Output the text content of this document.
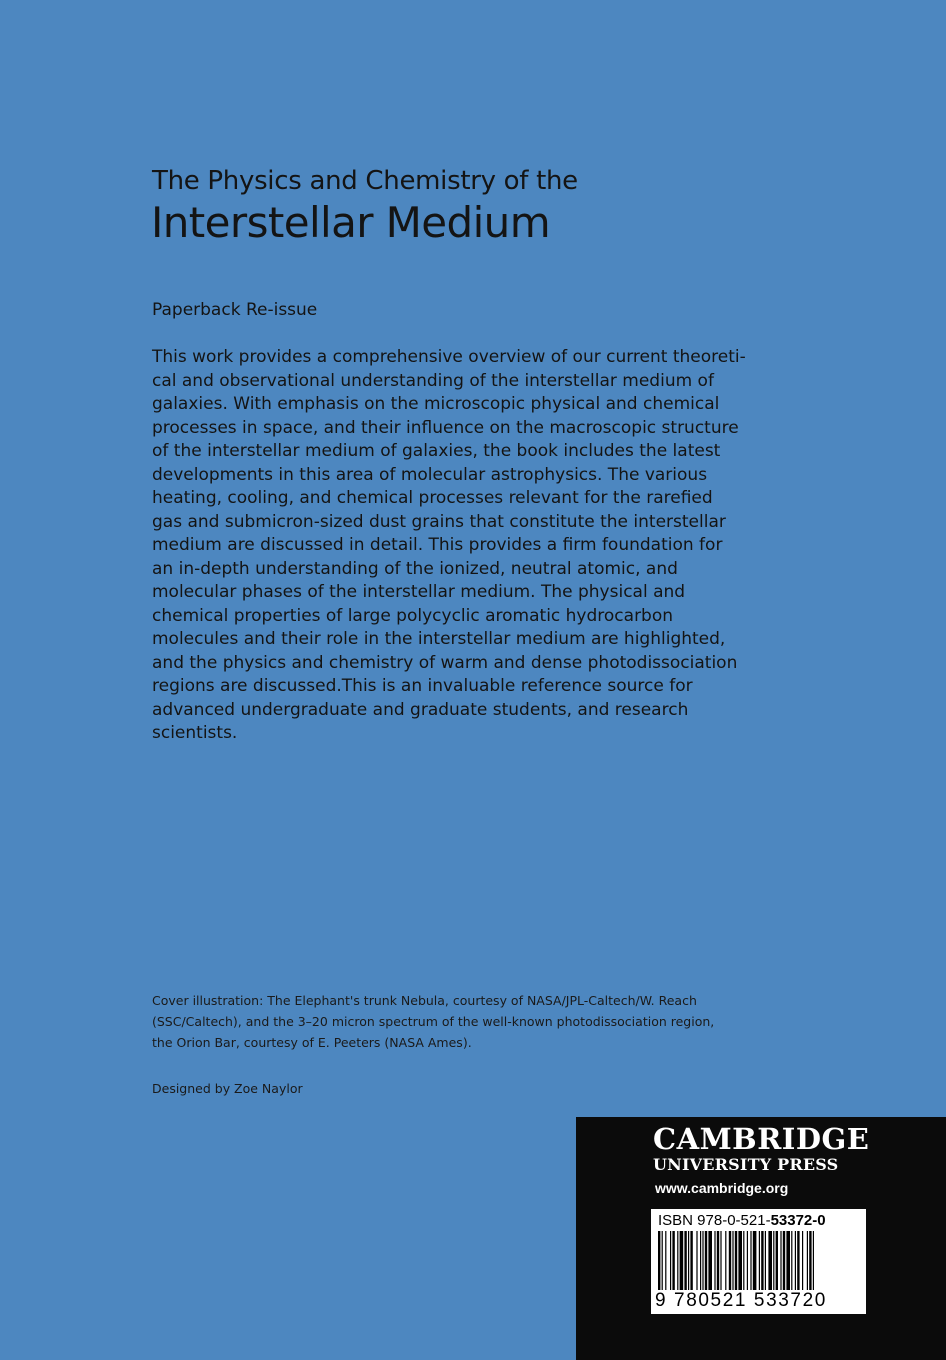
The Physics and Chemistry of the
Interstellar Medium
Paperback Re-issue
This work provides a comprehensive overview of our current theoreti-
cal and observational understanding of the interstellar medium of
galaxies. With emphasis on the microscopic physical and chemical
processes in space, and their influence on the macroscopic structure
of the interstellar medium of galaxies, the book includes the latest
developments in this area of molecular astrophysics. The various
heating, cooling, and chemical processes relevant for the rarefied
gas and submicron-sized dust grains that constitute the interstellar
medium are discussed in detail. This provides a firm foundation for
an in-depth understanding of the ionized, neutral atomic, and
molecular phases of the interstellar medium. The physical and
chemical properties of large polycyclic aromatic hydrocarbon
molecules and their role in the interstellar medium are highlighted,
and the physics and chemistry of warm and dense photodissociation
regions are discussed.This is an invaluable reference source for
advanced undergraduate and graduate students, and research
scientists.
Cover illustration: The Elephant's trunk Nebula, courtesy of NASA/JPL-Caltech/W. Reach
(SSC/Caltech), and the 3–20 micron spectrum of the well-known photodissociation region,
the Orion Bar, courtesy of E. Peeters (NASA Ames).
Designed by Zoe Naylor
CAMBRIDGE
UNIVERSITY PRESS
www.cambridge.org
ISBN 978-0-521-53372-0
9 780521 533720
